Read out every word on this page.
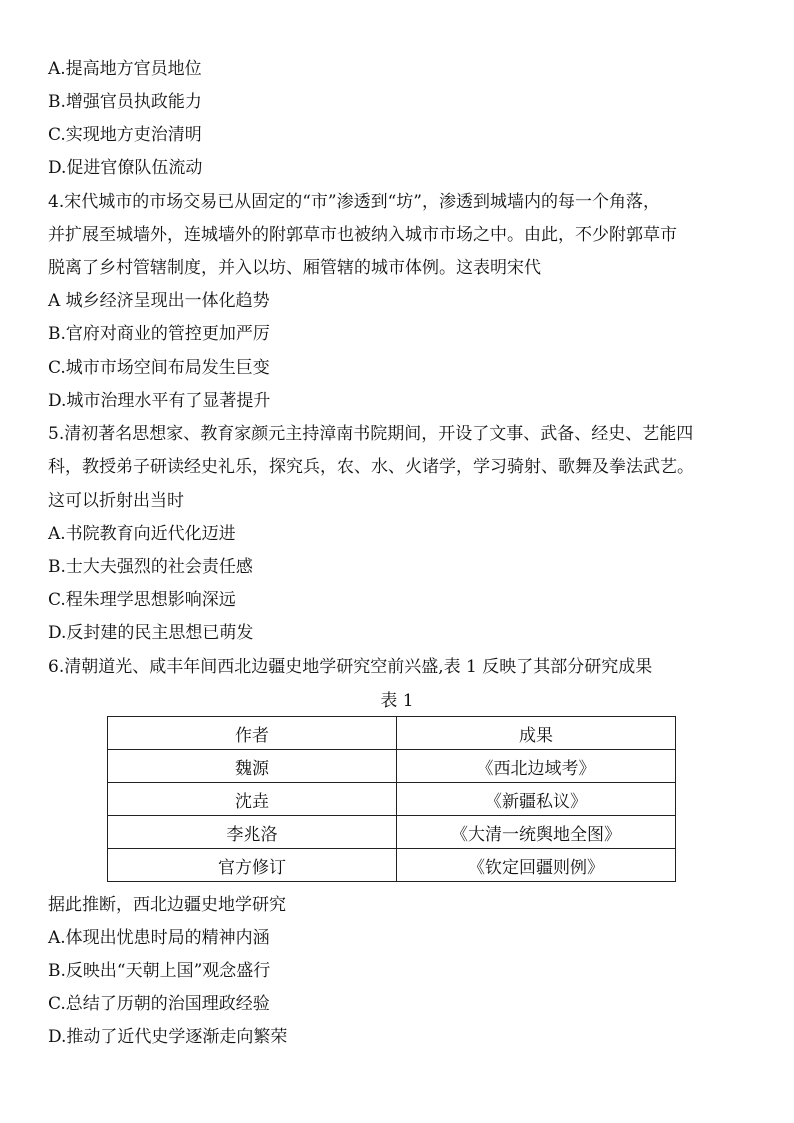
A.提高地方官员地位
B.增强官员执政能力
C.实现地方吏治清明
D.促进官僚队伍流动
4.宋代城市的市场交易已从固定的“市”渗透到“坊”，渗透到城墙内的每一个角落，
并扩展至城墙外，连城墙外的附郭草市也被纳入城市市场之中。由此，不少附郭草市
脱离了乡村管辖制度，并入以坊、厢管辖的城市体例。这表明宋代
A 城乡经济呈现出一体化趋势
B.官府对商业的管控更加严厉
C.城市市场空间布局发生巨变
D.城市治理水平有了显著提升
5.清初著名思想家、教育家颜元主持漳南书院期间，开设了文事、武备、经史、艺能四
科，教授弟子研读经史礼乐，探究兵，农、水、火诸学，学习骑射、歌舞及拳法武艺。
这可以折射出当时
A.书院教育向近代化迈进
B.士大夫强烈的社会责任感
C.程朱理学思想影响深远
D.反封建的民主思想已萌发
6.清朝道光、咸丰年间西北边疆史地学研究空前兴盛,表 1 反映了其部分研究成果
表 1
作者	成果
魏源	《西北边域考》
沈垚	《新疆私议》
李兆洛	《大清一统舆地全图》
官方修订	《钦定回疆则例》
据此推断，西北边疆史地学研究
A.体现出忧患时局的精神内涵
B.反映出“天朝上国”观念盛行
C.总结了历朝的治国理政经验
D.推动了近代史学逐渐走向繁荣
